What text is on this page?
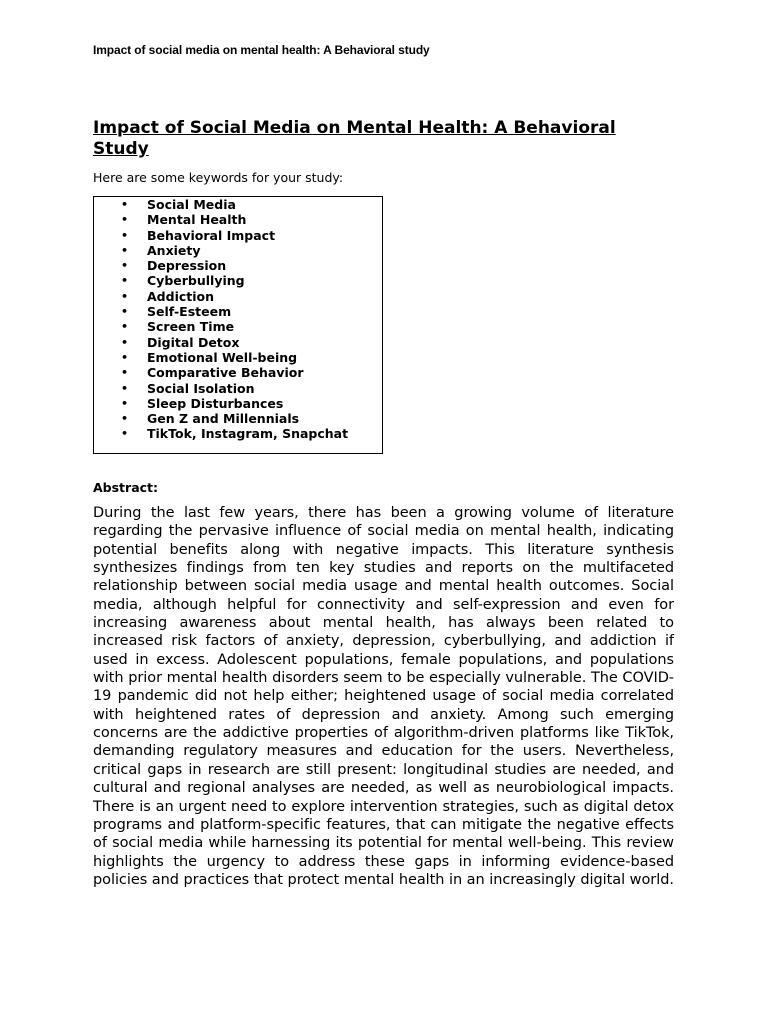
Impact of social media on mental health: A Behavioral study
Impact of Social Media on Mental Health: A Behavioral Study
Here are some keywords for your study:
• Social Media
• Mental Health
• Behavioral Impact
• Anxiety
• Depression
• Cyberbullying
• Addiction
• Self-Esteem
• Screen Time
• Digital Detox
• Emotional Well-being
• Comparative Behavior
• Social Isolation
• Sleep Disturbances
• Gen Z and Millennials
• TikTok, Instagram, Snapchat
Abstract:

During the last few years, there has been a growing volume of literature regarding the pervasive influence of social media on mental health, indicating potential benefits along with negative impacts. This literature synthesis synthesizes findings from ten key studies and reports on the multifaceted relationship between social media usage and mental health outcomes. Social media, although helpful for connectivity and self-expression and even for increasing awareness about mental health, has always been related to increased risk factors of anxiety, depression, cyberbullying, and addiction if used in excess. Adolescent populations, female populations, and populations with prior mental health disorders seem to be especially vulnerable. The COVID-19 pandemic did not help either; heightened usage of social media correlated with heightened rates of depression and anxiety. Among such emerging concerns are the addictive properties of algorithm-driven platforms like TikTok, demanding regulatory measures and education for the users. Nevertheless, critical gaps in research are still present: longitudinal studies are needed, and cultural and regional analyses are needed, as well as neurobiological impacts. There is an urgent need to explore intervention strategies, such as digital detox programs and platform-specific features, that can mitigate the negative effects of social media while harnessing its potential for mental well-being. This review highlights the urgency to address these gaps in informing evidence-based policies and practices that protect mental health in an increasingly digital world.
